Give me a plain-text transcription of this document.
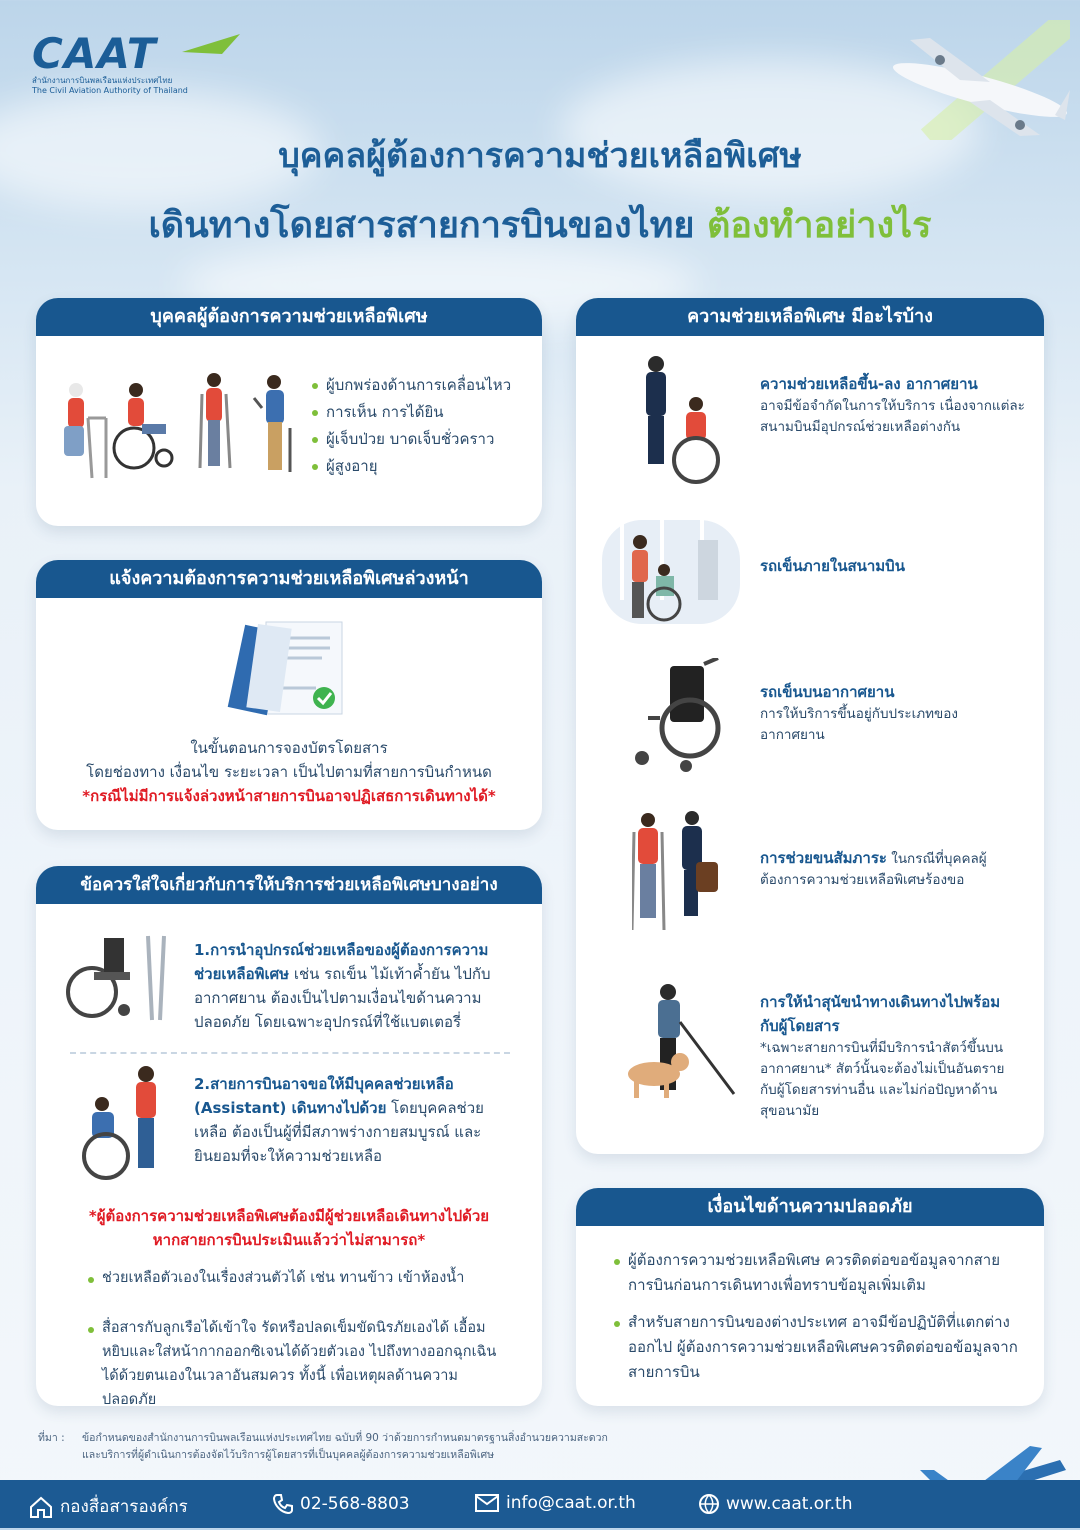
CAAT
สำนักงานการบินพลเรือนแห่งประเทศไทย
The Civil Aviation Authority of Thailand
บุคคลผู้ต้องการความช่วยเหลือพิเศษ
เดินทางโดยสารสายการบินของไทย ต้องทำอย่างไร
บุคคลผู้ต้องการความช่วยเหลือพิเศษ
ผู้บกพร่องด้านการเคลื่อนไหว
การเห็น การได้ยิน
ผู้เจ็บป่วย บาดเจ็บชั่วคราว
ผู้สูงอายุ
แจ้งความต้องการความช่วยเหลือพิเศษล่วงหน้า
ในขั้นตอนการจองบัตรโดยสาร
โดยช่องทาง เงื่อนไข ระยะเวลา เป็นไปตามที่สายการบินกำหนด
*กรณีไม่มีการแจ้งล่วงหน้าสายการบินอาจปฏิเสธการเดินทางได้*
ข้อควรใส่ใจเกี่ยวกับการให้บริการช่วยเหลือพิเศษบางอย่าง
1.การนำอุปกรณ์ช่วยเหลือของผู้ต้องการความช่วยเหลือพิเศษ เช่น รถเข็น ไม้เท้าค้ำยัน ไปกับอากาศยาน ต้องเป็นไปตามเงื่อนไขด้านความปลอดภัย โดยเฉพาะอุปกรณ์ที่ใช้แบตเตอรี่
2.สายการบินอาจขอให้มีบุคคลช่วยเหลือ (Assistant) เดินทางไปด้วย โดยบุคคลช่วยเหลือ ต้องเป็นผู้ที่มีสภาพร่างกายสมบูรณ์ และยินยอมที่จะให้ความช่วยเหลือ
*ผู้ต้องการความช่วยเหลือพิเศษต้องมีผู้ช่วยเหลือเดินทางไปด้วย
หากสายการบินประเมินแล้วว่าไม่สามารถ*
ช่วยเหลือตัวเองในเรื่องส่วนตัวได้ เช่น ทานข้าว เข้าห้องน้ำ
สื่อสารกับลูกเรือได้เข้าใจ รัดหรือปลดเข็มขัดนิรภัยเองได้ เอื้อมหยิบและใส่หน้ากากออกซิเจนได้ด้วยตัวเอง ไปถึงทางออกฉุกเฉินได้ด้วยตนเองในเวลาอันสมควร ทั้งนี้ เพื่อเหตุผลด้านความปลอดภัย
ความช่วยเหลือพิเศษ มีอะไรบ้าง
ความช่วยเหลือขึ้น-ลง อากาศยาน
อาจมีข้อจำกัดในการให้บริการ เนื่องจากแต่ละสนามบินมีอุปกรณ์ช่วยเหลือต่างกัน
รถเข็นภายในสนามบิน
รถเข็นบนอากาศยาน
การให้บริการขึ้นอยู่กับประเภทของอากาศยาน
การช่วยขนสัมภาระ ในกรณีที่บุคคลผู้ต้องการความช่วยเหลือพิเศษร้องขอ
การให้นำสุนัขนำทางเดินทางไปพร้อมกับผู้โดยสาร
*เฉพาะสายการบินที่มีบริการนำสัตว์ขึ้นบนอากาศยาน* สัตว์นั้นจะต้องไม่เป็นอันตรายกับผู้โดยสารท่านอื่น และไม่ก่อปัญหาด้านสุขอนามัย
เงื่อนไขด้านความปลอดภัย
ผู้ต้องการความช่วยเหลือพิเศษ ควรติดต่อขอข้อมูลจากสายการบินก่อนการเดินทางเพื่อทราบข้อมูลเพิ่มเติม
สำหรับสายการบินของต่างประเทศ อาจมีข้อปฏิบัติที่แตกต่างออกไป ผู้ต้องการความช่วยเหลือพิเศษควรติดต่อขอข้อมูลจากสายการบิน
ที่มา : ข้อกำหนดของสำนักงานการบินพลเรือนแห่งประเทศไทย ฉบับที่ 90 ว่าด้วยการกำหนดมาตรฐานสิ่งอำนวยความสะดวก
และบริการที่ผู้ดำเนินการต้องจัดไว้บริการผู้โดยสารที่เป็นบุคคลผู้ต้องการความช่วยเหลือพิเศษ
กองสื่อสารองค์กร	02-568-8803	info@caat.or.th	www.caat.or.th
